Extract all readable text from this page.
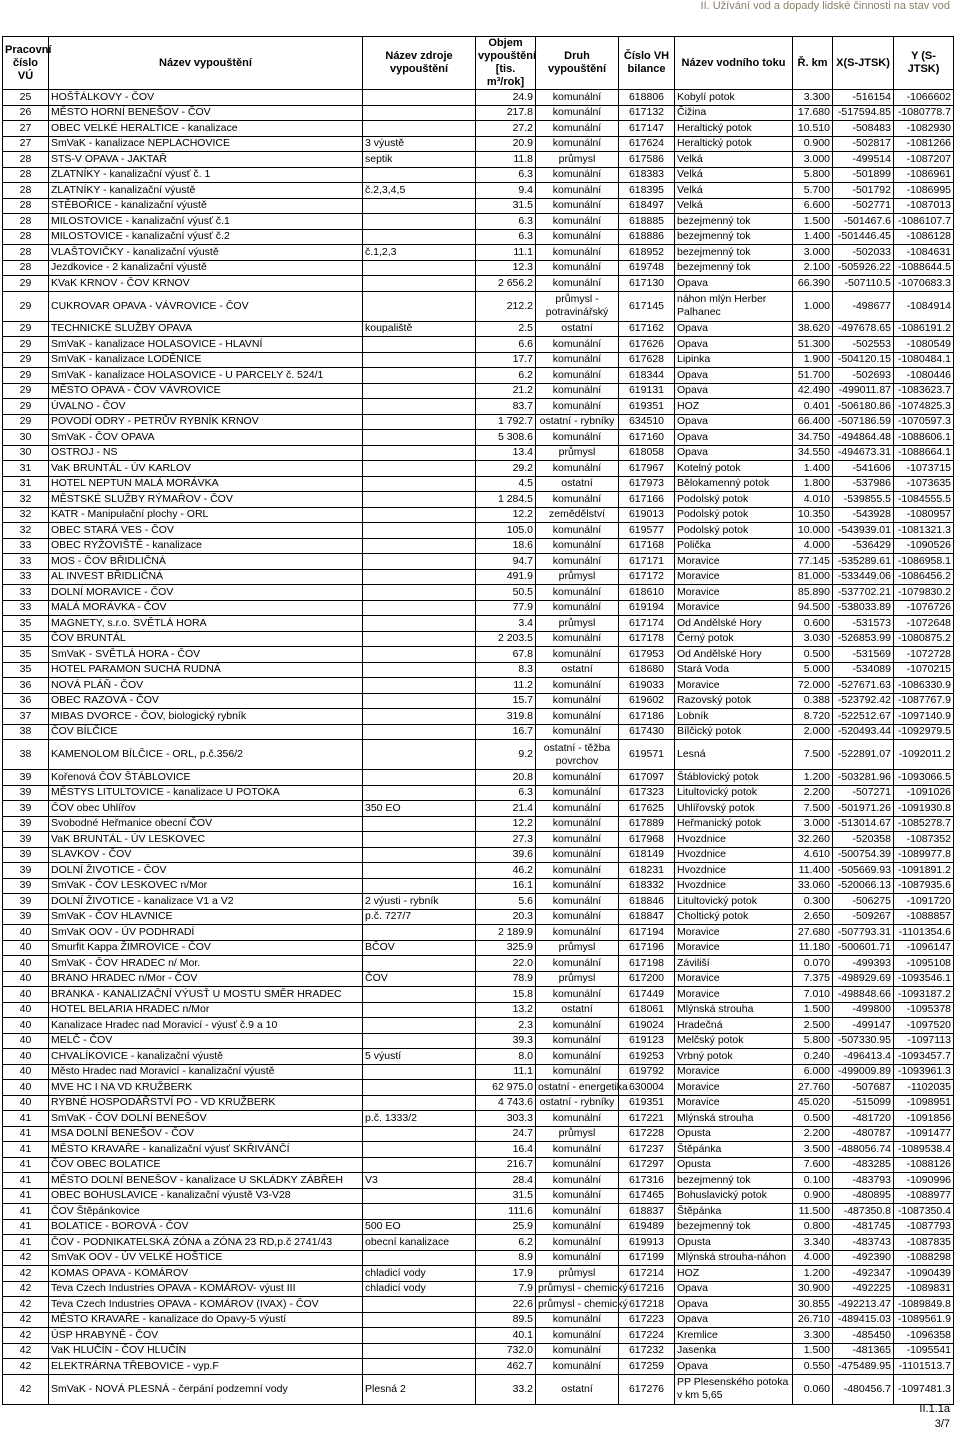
II. Užívání vod a dopady lidské činnosti na stav vod
Pracovní číslo VÚ	Název vypouštění	Název zdroje vypouštění	Objem vypouštění [tis. m³/rok]	Druh vypouštění	Číslo VH bilance	Název vodního toku	Ř. km	X(S-JTSK)	Y (S-JTSK)
25	HOŠŤÁLKOVY - ČOV		24.9	komunální	618806	Kobylí potok	3.300	-516154	-1066602
26	MĚSTO HORNÍ BENEŠOV - ČOV		217.8	komunální	617132	Čižina	17.680	-517594.85	-1080778.7
27	OBEC VELKÉ HERALTICE - kanalizace		27.2	komunální	617147	Heraltický potok	10.510	-508483	-1082930
27	SmVaK - kanalizace NEPLACHOVICE	3 výustě	20.9	komunální	617624	Heraltický potok	0.900	-502817	-1081266
28	STS-V OPAVA - JAKTAŘ	septik	11.8	průmysl	617586	Velká	3.000	-499514	-1087207
28	ZLATNÍKY - kanalizační výusť č. 1		6.3	komunální	618383	Velká	5.800	-501899	-1086961
28	ZLATNÍKY - kanalizační výustě	č.2,3,4,5	9.4	komunální	618395	Velká	5.700	-501792	-1086995
28	STĚBOŘICE - kanalizační výustě		31.5	komunální	618497	Velká	6.600	-502771	-1087013
28	MILOSTOVICE - kanalizační výusť č.1		6.3	komunální	618885	bezejmenný tok	1.500	-501467.6	-1086107.7
28	MILOSTOVICE - kanalizační výusť č.2		6.3	komunální	618886	bezejmenný tok	1.400	-501446.45	-1086128
28	VLAŠTOVIČKY - kanalizační výustě	č.1,2,3	11.1	komunální	618952	bezejmenný tok	3.000	-502033	-1084631
28	Jezdkovice - 2 kanalizační výustě		12.3	komunální	619748	bezejmenný tok	2.100	-505926.22	-1088644.5
29	KVaK KRNOV - ČOV KRNOV		2 656.2	komunální	617130	Opava	66.390	-507110.5	-1070683.3
29	CUKROVAR OPAVA - VÁVROVICE - ČOV		212.2	průmysl - potravinářský	617145	náhon mlýn Herber Palhanec	1.000	-498677	-1084914
29	TECHNICKÉ SLUŽBY OPAVA	koupaliště	2.5	ostatní	617162	Opava	38.620	-497678.65	-1086191.2
29	SmVaK - kanalizace HOLASOVICE - HLAVNÍ		6.6	komunální	617626	Opava	51.300	-502553	-1080549
29	SmVaK - kanalizace LODĚNICE		17.7	komunální	617628	Lipinka	1.900	-504120.15	-1080484.1
29	SmVaK - kanalizace HOLASOVICE - U PARCELY č. 524/1		6.2	komunální	618344	Opava	51.700	-502693	-1080446
29	MĚSTO OPAVA - ČOV VÁVROVICE		21.2	komunální	619131	Opava	42.490	-499011.87	-1083623.7
29	ÚVALNO - ČOV		83.7	komunální	619351	HOZ	0.401	-506180.86	-1074825.3
29	POVODÍ ODRY - PETRŮV RYBNÍK KRNOV		1 792.7	ostatní - rybníky	634510	Opava	66.400	-507186.59	-1070597.3
30	SmVaK - ČOV OPAVA		5 308.6	komunální	617160	Opava	34.750	-494864.48	-1088606.1
30	OSTROJ - NS		13.4	průmysl	618058	Opava	34.550	-494673.31	-1088664.1
31	VaK BRUNTÁL - ÚV KARLOV		29.2	komunální	617967	Kotelný potok	1.400	-541606	-1073715
31	HOTEL NEPTUN MALÁ MORÁVKA		4.5	ostatní	617973	Bělokamenný potok	1.800	-537986	-1073635
32	MĚSTSKÉ SLUŽBY RÝMAŘOV - ČOV		1 284.5	komunální	617166	Podolský potok	4.010	-539855.5	-1084555.5
32	KATR - Manipulační plochy - ORL		12.2	zemědělství	619013	Podolský potok	10.350	-543928	-1080957
32	OBEC STARÁ VES - ČOV		105.0	komunální	619577	Podolský potok	10.000	-543939.01	-1081321.3
33	OBEC RYŽOVIŠTĚ - kanalizace		18.6	komunální	617168	Polička	4.000	-536429	-1090526
33	MOS - ČOV BŘIDLIČNÁ		94.7	komunální	617171	Moravice	77.145	-535289.61	-1086958.1
33	AL INVEST BŘIDLIČNÁ		491.9	průmysl	617172	Moravice	81.000	-533449.06	-1086456.2
33	DOLNÍ MORAVICE - ČOV		50.5	komunální	618610	Moravice	85.890	-537702.21	-1079830.2
33	MALÁ MORÁVKA - ČOV		77.9	komunální	619194	Moravice	94.500	-538033.89	-1076726
35	MAGNETY, s.r.o. SVĚTLÁ HORA		3.4	průmysl	617174	Od Andělské Hory	0.600	-531573	-1072648
35	ČOV BRUNTÁL		2 203.5	komunální	617178	Černý potok	3.030	-526853.99	-1080875.2
35	SmVaK - SVĚTLÁ HORA - ČOV		67.8	komunální	617953	Od Andělské Hory	0.500	-531569	-1072728
35	HOTEL PARAMON SUCHÁ RUDNÁ		8.3	ostatní	618680	Stará Voda	5.000	-534089	-1070215
36	NOVÁ PLÁŇ - ČOV		11.2	komunální	619033	Moravice	72.000	-527671.63	-1086330.9
36	OBEC RAZOVÁ - ČOV		15.7	komunální	619602	Razovský potok	0.388	-523792.42	-1087767.9
37	MIBAS DVORCE - ČOV, biologický rybník		319.8	komunální	617186	Lobník	8.720	-522512.67	-1097140.9
38	ČOV BÍLČICE		16.7	komunální	617430	Bílčický potok	2.000	-520493.44	-1092979.5
38	KAMENOLOM BÍLČICE - ORL, p.č.356/2		9.2	ostatní - těžba povrchov	619571	Lesná	7.500	-522891.07	-1092011.2
39	Kořenová ČOV ŠTÁBLOVICE		20.8	komunální	617097	Štáblovický potok	1.200	-503281.96	-1093066.5
39	MĚSTYS LITULTOVICE - kanalizace U POTOKA		6.3	komunální	617323	Litultovický potok	2.200	-507271	-1091026
39	ČOV obec Uhlířov	350 EO	21.4	komunální	617625	Uhlířovský potok	7.500	-501971.26	-1091930.8
39	Svobodné Heřmanice obecní ČOV		12.2	komunální	617889	Heřmanický potok	3.000	-513014.67	-1085278.7
39	VaK BRUNTÁL - ÚV LESKOVEC		27.3	komunální	617968	Hvozdnice	32.260	-520358	-1087352
39	SLAVKOV - ČOV		39.6	komunální	618149	Hvozdnice	4.610	-500754.39	-1089977.8
39	DOLNÍ ŽIVOTICE - ČOV		46.2	komunální	618231	Hvozdnice	11.400	-505669.93	-1091891.2
39	SmVaK - ČOV LESKOVEC n/Mor		16.1	komunální	618332	Hvozdnice	33.060	-520066.13	-1087935.6
39	DOLNÍ ŽIVOTICE - kanalizace V1 a V2	2 výusti - rybník	5.6	komunální	618846	Litultovický potok	0.300	-506275	-1091720
39	SmVaK - ČOV HLAVNICE	p.č. 727/7	20.3	komunální	618847	Choltický potok	2.650	-509267	-1088857
40	SmVaK OOV - ÚV PODHRADÍ		2 189.9	komunální	617194	Moravice	27.680	-507793.31	-1101354.6
40	Smurfit Kappa ŽIMROVICE - ČOV	BČOV	325.9	průmysl	617196	Moravice	11.180	-500601.71	-1096147
40	SmVaK - ČOV HRADEC n/ Mor.		22.0	komunální	617198	Záviliší	0.070	-499393	-1095108
40	BRANO HRADEC n/Mor - ČOV	ČOV	78.9	průmysl	617200	Moravice	7.375	-498929.69	-1093546.1
40	BRANKA - KANALIZAČNÍ VÝUSŤ U MOSTU SMĚR HRADEC		15.8	komunální	617449	Moravice	7.010	-498848.66	-1093187.2
40	HOTEL BELARIA HRADEC n/Mor		13.2	ostatní	618061	Mlýnská strouha	1.500	-499800	-1095378
40	Kanalizace Hradec nad Moravicí - výusť č.9 a 10		2.3	komunální	619024	Hradečná	2.500	-499147	-1097520
40	MELČ - ČOV		39.3	komunální	619123	Melčský potok	5.800	-507330.95	-1097113
40	CHVALÍKOVICE - kanalizační výustě	5 výustí	8.0	komunální	619253	Vrbný potok	0.240	-496413.4	-1093457.7
40	Město Hradec nad Moravicí - kanalizační výustě		11.1	komunální	619792	Moravice	6.000	-499009.89	-1093961.3
40	MVE HC I NA VD KRUŽBERK		62 975.0	ostatní - energetika	630004	Moravice	27.760	-507687	-1102035
40	RYBNÉ HOSPODÁŘSTVÍ PO - VD KRUŽBERK		4 743.6	ostatní - rybníky	619351	Moravice	45.020	-515099	-1098951
41	SmVaK - ČOV DOLNÍ BENEŠOV	p.č. 1333/2	303.3	komunální	617221	Mlýnská strouha	0.500	-481720	-1091856
41	MSA DOLNÍ BENEŠOV - ČOV		24.7	průmysl	617228	Opusta	2.200	-480787	-1091477
41	MĚSTO KRAVAŘE - kanalizační výusť SKŘIVÁNČÍ		16.4	komunální	617237	Štěpánka	3.500	-488056.74	-1089538.4
41	ČOV OBEC BOLATICE		216.7	komunální	617297	Opusta	7.600	-483285	-1088126
41	MĚSTO DOLNÍ BENEŠOV - kanalizace U SKLÁDKY ZÁBŘEH	V3	28.4	komunální	617316	bezejmenný tok	0.100	-483793	-1090996
41	OBEC BOHUSLAVICE - kanalizační výustě V3-V28		31.5	komunální	617465	Bohuslavický potok	0.900	-480895	-1088977
41	ČOV Štěpánkovice		111.6	komunální	618837	Štěpánka	11.500	-487350.8	-1087350.4
41	BOLATICE - BOROVÁ - ČOV	500 EO	25.9	komunální	619489	bezejmenný tok	0.800	-481745	-1087793
41	ČOV - PODNIKATELSKÁ ZÓNA a ZÓNA 23 RD,p.č 2741/43	obecní kanalizace	6.2	komunální	619913	Opusta	3.340	-483743	-1087835
42	SmVaK OOV - ÚV VELKÉ HOŠTICE		8.9	komunální	617199	Mlýnská strouha-náhon	4.000	-492390	-1088298
42	KOMAS OPAVA - KOMÁROV	chladicí vody	17.9	průmysl	617214	HOZ	1.200	-492347	-1090439
42	Teva Czech Industries OPAVA - KOMÁROV- výust III	chladicí vody	7.9	průmysl - chemický	617216	Opava	30.900	-492225	-1089831
42	Teva Czech Industries OPAVA - KOMÁROV (IVAX) - ČOV		22.6	průmysl - chemický	617218	Opava	30.855	-492213.47	-1089849.8
42	MĚSTO KRAVAŘE - kanalizace do Opavy-5 výustí		89.5	komunální	617223	Opava	26.710	-489415.03	-1089561.9
42	ÚSP HRABYNĚ - ČOV		40.1	komunální	617224	Kremlice	3.300	-485450	-1096358
42	VaK HLUČÍN - ČOV HLUČÍN		732.0	komunální	617232	Jasenka	1.500	-481365	-1095541
42	ELEKTRÁRNA TŘEBOVICE - vyp.F		462.7	komunální	617259	Opava	0.550	-475489.95	-1101513.7
42	SmVaK - NOVÁ PLESNÁ - čerpání podzemní vody	Plesná 2	33.2	ostatní	617276	PP Plesenského potoka v km 5,65	0.060	-480456.7	-1097481.3
II.1.1a
3/7
